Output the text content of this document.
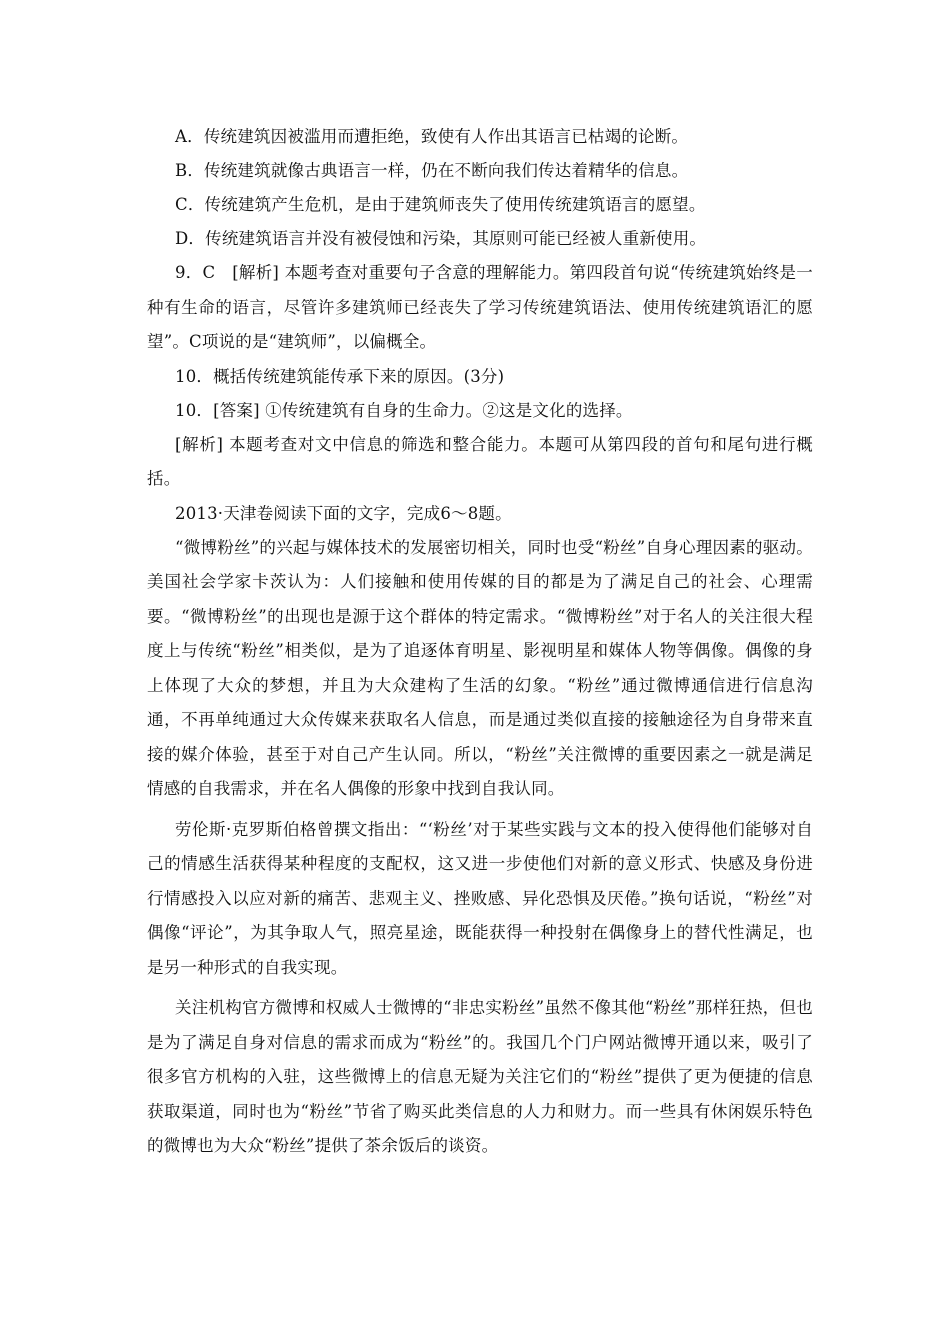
A．传统建筑因被滥用而遭拒绝，致使有人作出其语言已枯竭的论断。

B．传统建筑就像古典语言一样，仍在不断向我们传达着精华的信息。

C．传统建筑产生危机，是由于建筑师丧失了使用传统建筑语言的愿望。

D．传统建筑语言并没有被侵蚀和污染，其原则可能已经被人重新使用。

9．C　[解析] 本题考查对重要句子含意的理解能力。第四段首句说“传统建筑始终是一种有生命的语言，尽管许多建筑师已经丧失了学习传统建筑语法、使用传统建筑语汇的愿望”。C项说的是“建筑师”，以偏概全。

10．概括传统建筑能传承下来的原因。(3分)

10．[答案] ①传统建筑有自身的生命力。②这是文化的选择。

[解析] 本题考查对文中信息的筛选和整合能力。本题可从第四段的首句和尾句进行概括。

2013·天津卷阅读下面的文字，完成6～8题。

“微博粉丝”的兴起与媒体技术的发展密切相关，同时也受“粉丝”自身心理因素的驱动。美国社会学家卡茨认为：人们接触和使用传媒的目的都是为了满足自己的社会、心理需要。“微博粉丝”的出现也是源于这个群体的特定需求。“微博粉丝”对于名人的关注很大程度上与传统“粉丝”相类似，是为了追逐体育明星、影视明星和媒体人物等偶像。偶像的身上体现了大众的梦想，并且为大众建构了生活的幻象。“粉丝”通过微博通信进行信息沟通，不再单纯通过大众传媒来获取名人信息，而是通过类似直接的接触途径为自身带来直接的媒介体验，甚至于对自己产生认同。所以，“粉丝”关注微博的重要因素之一就是满足情感的自我需求，并在名人偶像的形象中找到自我认同。

劳伦斯·克罗斯伯格曾撰文指出：“‘粉丝’对于某些实践与文本的投入使得他们能够对自己的情感生活获得某种程度的支配权，这又进一步使他们对新的意义形式、快感及身份进行情感投入以应对新的痛苦、悲观主义、挫败感、异化恐惧及厌倦。”换句话说，“粉丝”对偶像“评论”，为其争取人气，照亮星途，既能获得一种投射在偶像身上的替代性满足，也是另一种形式的自我实现。

关注机构官方微博和权威人士微博的“非忠实粉丝”虽然不像其他“粉丝”那样狂热，但也是为了满足自身对信息的需求而成为“粉丝”的。我国几个门户网站微博开通以来，吸引了很多官方机构的入驻，这些微博上的信息无疑为关注它们的“粉丝”提供了更为便捷的信息获取渠道，同时也为“粉丝”节省了购买此类信息的人力和财力。而一些具有休闲娱乐特色的微博也为大众“粉丝”提供了茶余饭后的谈资。
